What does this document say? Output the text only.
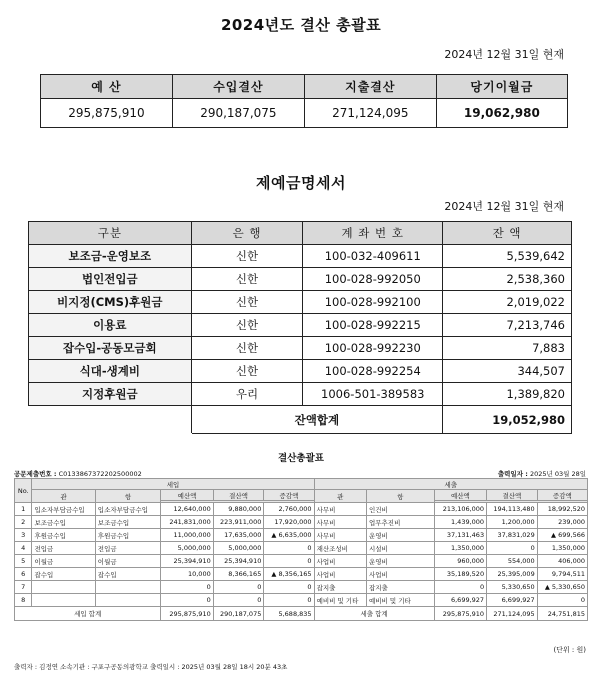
2024년도 결산 총괄표
2024년 12월 31일 현재
예 산	수입결산	지출결산	당기이월금
295,875,910	290,187,075	271,124,095	19,062,980
제예금명세서
2024년 12월 31일 현재
구분	은 행	계 좌 번 호	잔 액
보조금-운영보조	신한	100-032-409611	5,539,642
법인전입금	신한	100-028-992050	2,538,360
비지정(CMS)후원금	신한	100-028-992100	2,019,022
이용료	신한	100-028-992215	7,213,746
잡수입-공동모금회	신한	100-028-992230	7,883
식대-생계비	신한	100-028-992254	344,507
지정후원금	우리	1006-501-389583	1,389,820
	잔액합계		19,052,980
결산총괄표
공문제출번호 : C0133867372202500002	출력일자 : 2025년 03월 28일
No.	세입					세출				
	관	항	예산액	결산액	증감액	관	항	예산액	결산액	증감액

1	입소자부담금수입	입소자부담금수입	12,640,000	9,880,000	2,760,000	사무비	인건비	213,106,000	194,113,480	18,992,520
2	보조금수입	보조금수입	241,831,000	223,911,000	17,920,000	사무비	업무추진비	1,439,000	1,200,000	239,000
3	후원금수입	후원금수입	11,000,000	17,635,000	▲ 6,635,000	사무비	운영비	37,131,463	37,831,029	▲ 699,566
4	전입금	전입금	5,000,000	5,000,000	0	재산조성비	시설비	1,350,000	0	1,350,000
5	이월금	이월금	25,394,910	25,394,910	0	사업비	운영비	960,000	554,000	406,000
6	잡수입	잡수입	10,000	8,366,165	▲ 8,356,165	사업비	사업비	35,189,520	25,395,009	9,794,511
7			0	0	0	잡지출	잡지출	0	5,330,650	▲ 5,330,650
8			0	0	0	예비비 및 기타	예비비 및 기타	6,699,927	6,699,927	0
세입 합계			295,875,910	290,187,075	5,688,835	세출 합계		295,875,910	271,124,095	24,751,815
(단위 : 원)
출력자 : 김정연 소속기관 : 구포구공동의광학교 출력일시 : 2025년 03월 28일 18시 20분 43초
